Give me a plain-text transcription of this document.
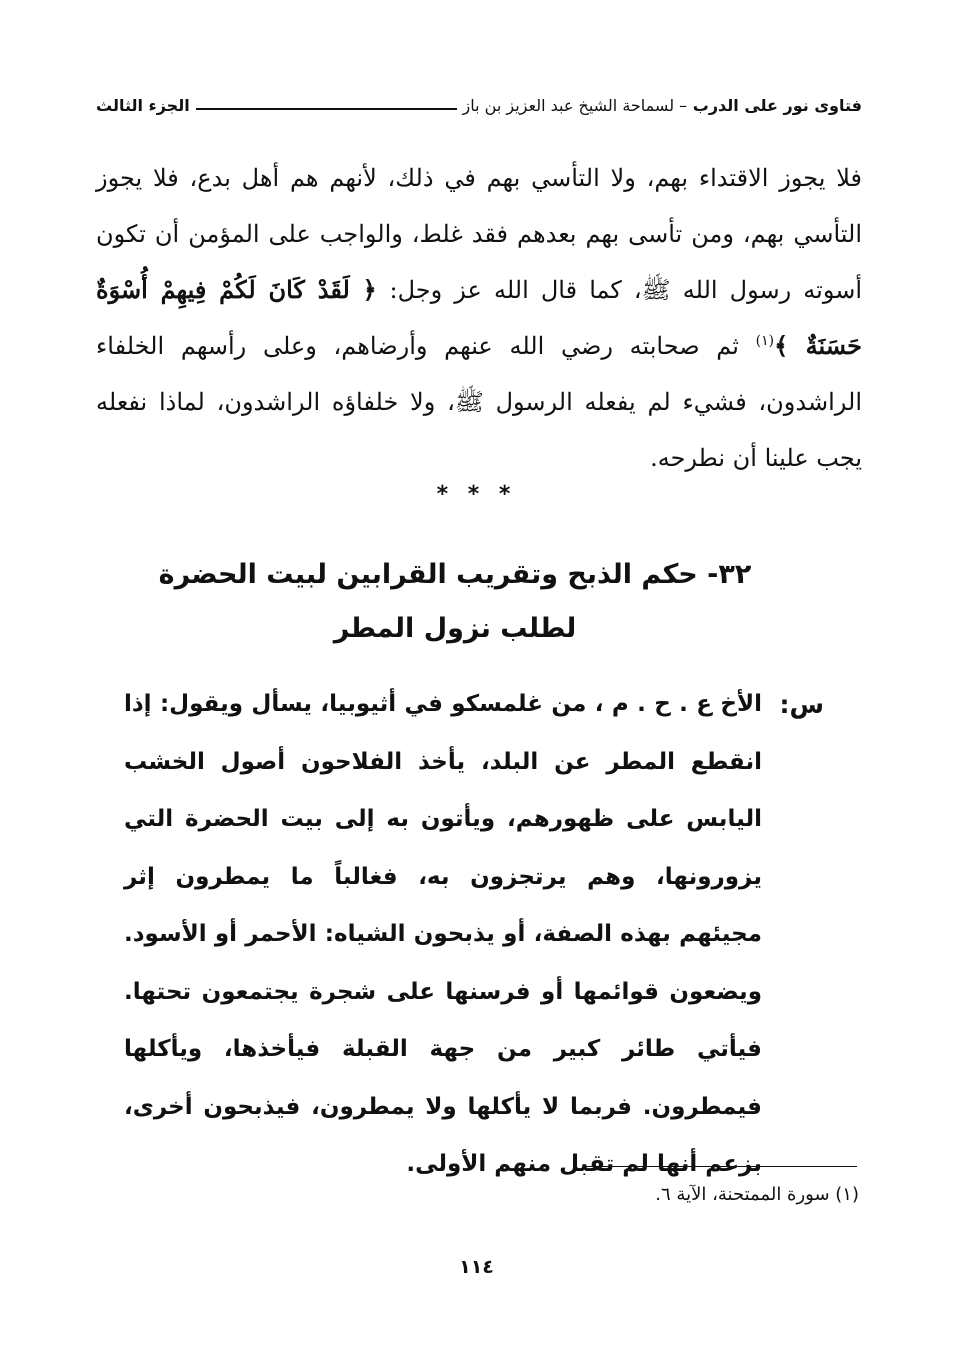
فتاوى نور على الدرب – لسماحة الشيخ عبد العزيز بن باز
الجزء الثالث

فلا يجوز الاقتداء بهم، ولا التأسي بهم في ذلك، لأنهم هم أهل بدع، فلا يجوز التأسي بهم، ومن تأسى بهم بعدهم فقد غلط، والواجب على المؤمن أن تكون أسوته رسول الله ﷺ، كما قال الله عز وجل: ﴿ لَقَدْ كَانَ لَكُمْ فِيهِمْ أُسْوَةٌ حَسَنَةٌ ﴾$^{(١)}$ ثم صحابته رضي الله عنهم وأرضاهم، وعلى رأسهم الخلفاء الراشدون، فشيء لم يفعله الرسول ﷺ، ولا خلفاؤه الراشدون، لماذا نفعله يجب علينا أن نطرحه.

* * *
٣٢- حكم الذبح وتقريب القرابين لبيت الحضرة
لطلب نزول المطر
س:
الأخ ع . ح . م ، من غلمسكو في أثيوبيا، يسأل ويقول: إذا انقطع المطر عن البلد، يأخذ الفلاحون أصول الخشب اليابس على ظهورهم، ويأتون به إلى بيت الحضرة التي يزورونها، وهم يرتجزون به، فغالباً ما يمطرون إثر مجيئهم بهذه الصفة، أو يذبحون الشياه: الأحمر أو الأسود. ويضعون قوائمها أو فرسنها على شجرة يجتمعون تحتها. فيأتي طائر كبير من جهة القبلة فيأخذها، ويأكلها فيمطرون. فربما لا يأكلها ولا يمطرون، فيذبحون أخرى، بزعم أنها لم تقبل منهم الأولى.
(١) سورة الممتحنة، الآية ٦.
١١٤
